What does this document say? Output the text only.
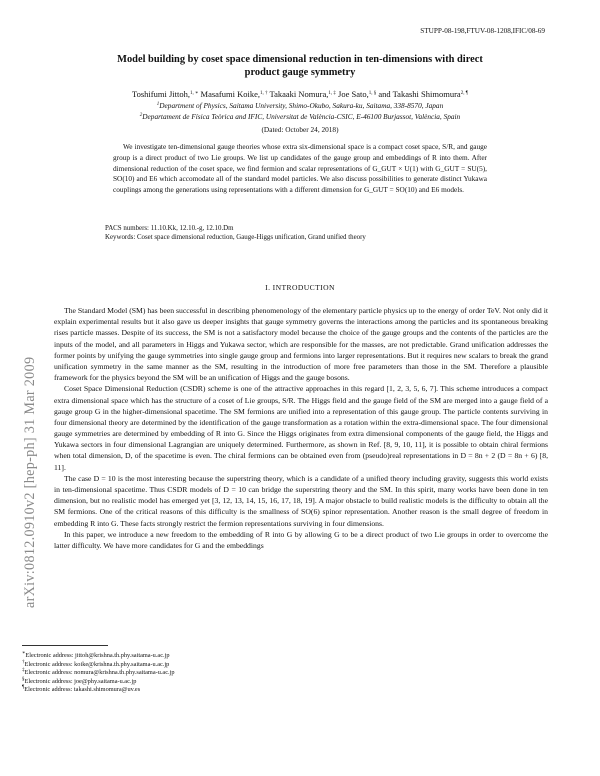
STUPP-08-198,FTUV-08-1208,IFIC/08-69
arXiv:0812.0910v2 [hep-ph] 31 Mar 2009
Model building by coset space dimensional reduction in ten-dimensions with direct
product gauge symmetry
Toshifumi Jittoh,$^{1, ∗}$ Masafumi Koike,$^{1, \dagger}$ Takaaki Nomura,$^{1, \ddagger}$ Joe Sato,$^{1, \S}$ and Takashi Shimomura$^{2, \P}$
$^1$Department of Physics, Saitama University, Shimo-Okubo, Sakura-ku, Saitama, 338-8570, Japan
$^2$Departament de Física Teòrica and IFIC, Universitat de València-CSIC, E-46100 Burjassot, València, Spain
(Dated: October 24, 2018)
We investigate ten-dimensional gauge theories whose extra six-dimensional space is a compact coset space, S/R, and gauge group is a direct product of two Lie groups. We list up candidates of the gauge group and embeddings of R into them. After dimensional reduction of the coset space, we find fermion and scalar representations of G_GUT × U(1) with G_GUT = SU(5), SO(10) and E6 which accomodate all of the standard model particles. We also discuss possibilities to generate distinct Yukawa couplings among the generations using representations with a different dimension for G_GUT = SO(10) and E6 models.
PACS numbers: 11.10.Kk, 12.10.-g, 12.10.Dm
Keywords: Coset space dimensional reduction, Gauge-Higgs unification, Grand unified theory
I. INTRODUCTION

The Standard Model (SM) has been successful in describing phenomenology of the elementary particle physics up to the energy of order TeV. Not only did it explain experimental results but it also gave us deeper insights that gauge symmetry governs the interactions among the particles and its spontaneous breaking rises particle masses. Despite of its success, the SM is not a satisfactory model because the choice of the gauge groups and the contents of the particles are the inputs of the model, and all parameters in Higgs and Yukawa sector, which are responsible for the masses, are not predictable. Grand unification addresses the former points by unifying the gauge symmetries into single gauge group and fermions into larger representations. But it requires new scalars to break the grand unification symmetry in the same manner as the SM, resulting in the introduction of more free parameters than those in the SM. Therefore a plausible framework for the physics beyond the SM will be an unification of Higgs and the gauge bosons.

Coset Space Dimensional Reduction (CSDR) scheme is one of the attractive approaches in this regard [1, 2, 3, 5, 6, 7]. This scheme introduces a compact extra dimensional space which has the structure of a coset of Lie groups, S/R. The Higgs field and the gauge field of the SM are merged into a gauge field of a gauge group G in the higher-dimensional spacetime. The SM fermions are unified into a representation of this gauge group. The particle contents surviving in four dimensional theory are determined by the identification of the gauge transformation as a rotation within the extra-dimensional space. The four dimensional gauge symmetries are determined by embedding of R into G. Since the Higgs originates from extra dimensional components of the gauge field, the Higgs and Yukawa sectors in four dimensional Lagrangian are uniquely determined. Furthermore, as shown in Ref. [8, 9, 10, 11], it is possible to obtain chiral fermions when total dimension, D, of the spacetime is even. The chiral fermions can be obtained even from (pseudo)real representations in D = 8n + 2 (D = 8n + 6) [8, 11].

The case D = 10 is the most interesting because the superstring theory, which is a candidate of a unified theory including gravity, suggests this world exists in ten-dimensional spacetime. Thus CSDR models of D = 10 can bridge the superstring theory and the SM. In this spirit, many works have been done in ten dimension, but no realistic model has emerged yet [3, 12, 13, 14, 15, 16, 17, 18, 19]. A major obstacle to build realistic models is the difficulty to obtain all the SM fermions. One of the critical reasons of this difficulty is the smallness of SO(6) spinor representation. Another reason is the small degree of freedom in embedding R into G. These facts strongly restrict the fermion representations surviving in four dimensions.

In this paper, we introduce a new freedom to the embedding of R into G by allowing G to be a direct product of two Lie groups in order to overcome the latter difficulty. We have more candidates for G and the embeddings

∗Electronic address: jittoh@krishna.th.phy.saitama-u.ac.jp
†Electronic address: koike@krishna.th.phy.saitama-u.ac.jp
‡Electronic address: nomura@krishna.th.phy.saitama-u.ac.jp
§Electronic address: joe@phy.saitama-u.ac.jp
¶Electronic address: takashi.shimomura@uv.es
